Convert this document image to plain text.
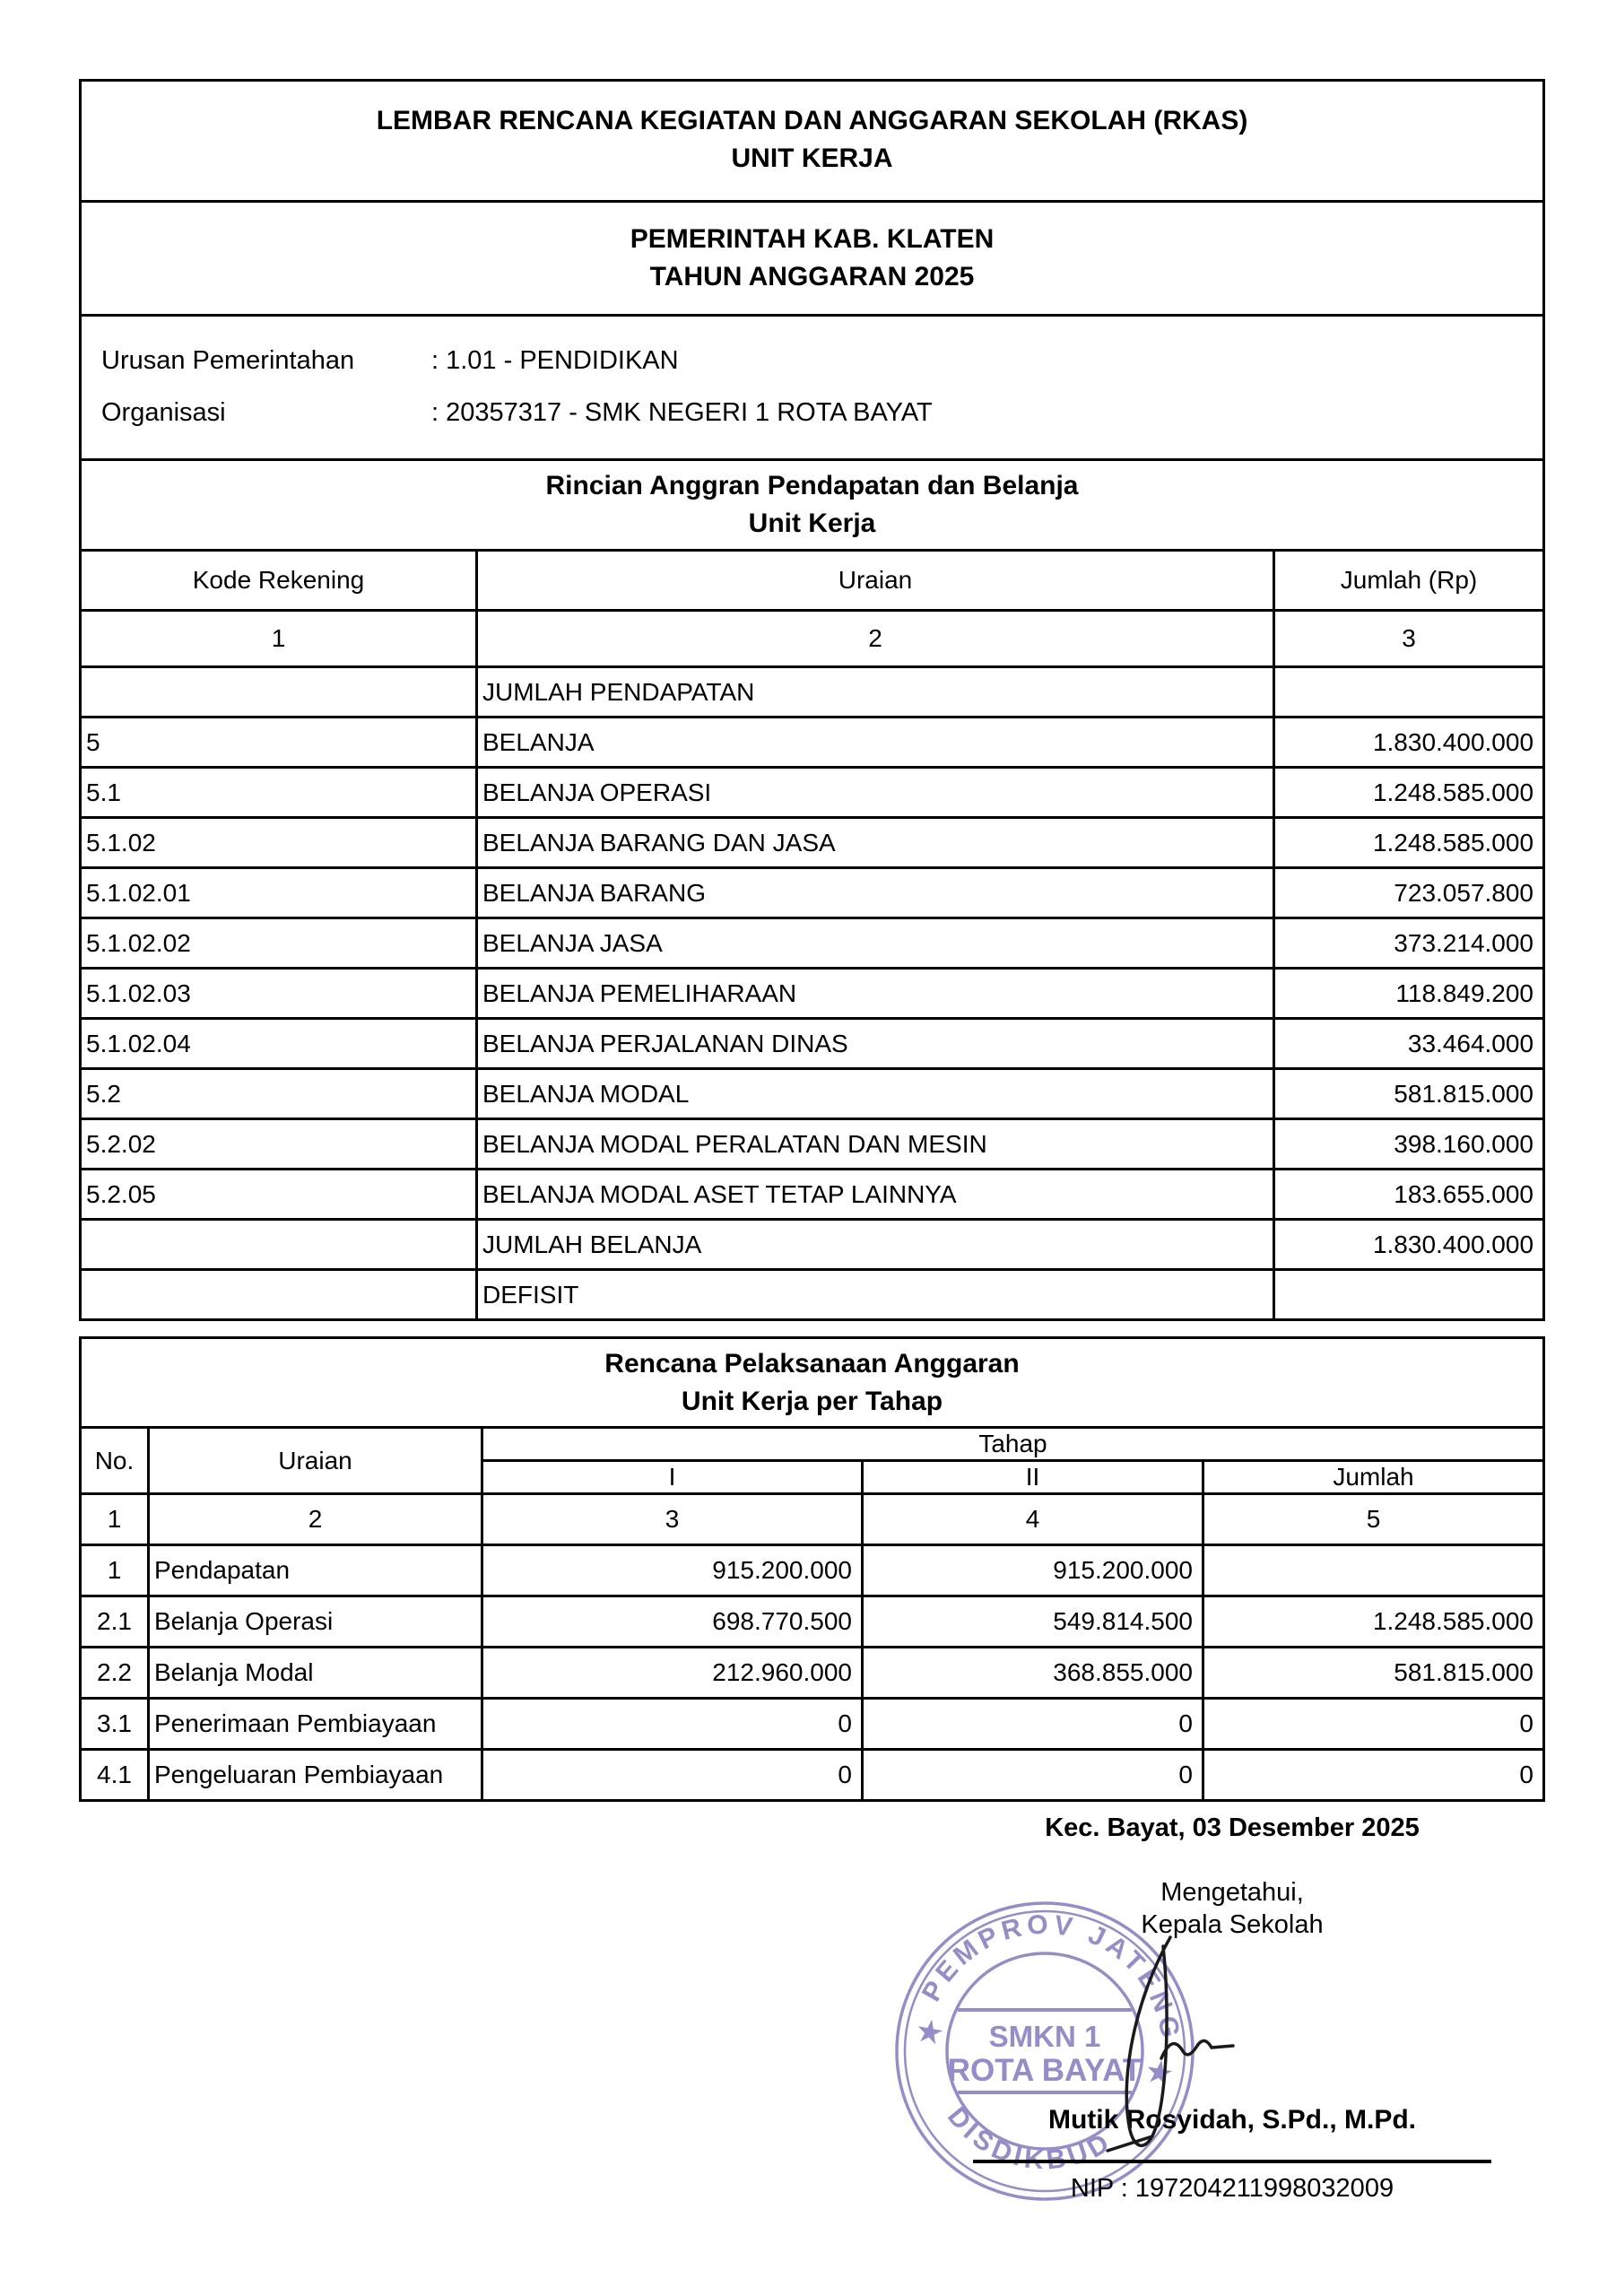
LEMBAR RENCANA KEGIATAN DAN ANGGARAN SEKOLAH (RKAS)
UNIT KERJA		

PEMERINTAH KAB. KLATEN
TAHUN ANGGARAN 2025		

Urusan Pemerintahan : 1.01 - PENDIDIKAN
Organisasi : 20357317 - SMK NEGERI 1 ROTA BAYAT		

Rincian Anggran Pendapatan dan Belanja
Unit Kerja		

Kode Rekening	Uraian	Jumlah (Rp)
1	2	3
	JUMLAH PENDAPATAN	
5	BELANJA	1.830.400.000
5.1	BELANJA OPERASI	1.248.585.000
5.1.02	BELANJA BARANG DAN JASA	1.248.585.000
5.1.02.01	BELANJA BARANG	723.057.800
5.1.02.02	BELANJA JASA	373.214.000
5.1.02.03	BELANJA PEMELIHARAAN	118.849.200
5.1.02.04	BELANJA PERJALANAN DINAS	33.464.000
5.2	BELANJA MODAL	581.815.000
5.2.02	BELANJA MODAL PERALATAN DAN MESIN	398.160.000
5.2.05	BELANJA MODAL ASET TETAP LAINNYA	183.655.000
	JUMLAH BELANJA	1.830.400.000
	DEFISIT	
Rencana Pelaksanaan Anggaran
Unit Kerja per Tahap				

No.	Uraian	Tahap		
		I	II	Jumlah
1	2	3	4	5
1	Pendapatan	915.200.000	915.200.000	
2.1	Belanja Operasi	698.770.500	549.814.500	1.248.585.000
2.2	Belanja Modal	212.960.000	368.855.000	581.815.000
3.1	Penerimaan Pembiayaan	0	0	0
4.1	Pengeluaran Pembiayaan	0	0	0
Kec. Bayat, 03 Desember 2025
Mengetahui,
Kepala Sekolah
Mutik Rosyidah, S.Pd., M.Pd.
NIP : 197204211998032009
PEMPROV JATENG
DISDIKBUD
★
★
SMKN 1
ROTA BAYAT
